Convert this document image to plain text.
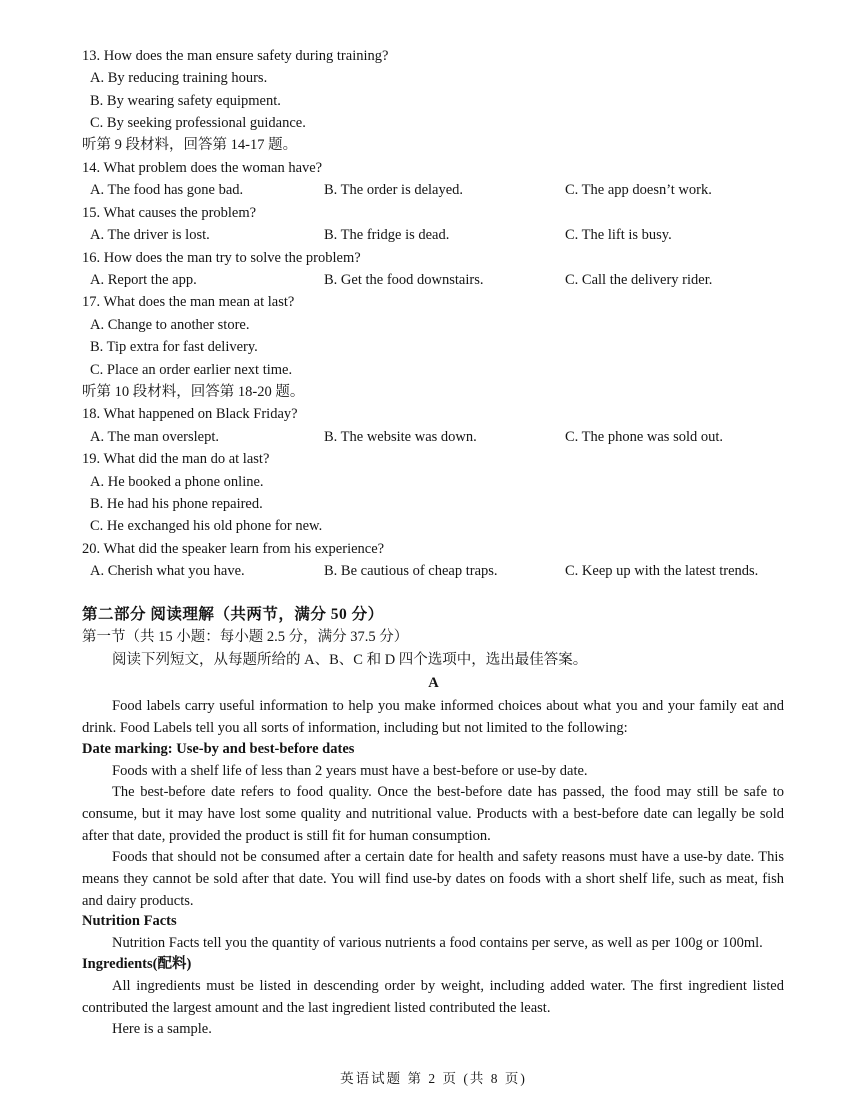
13. How does the man ensure safety during training?
A. By reducing training hours.
B. By wearing safety equipment.
C. By seeking professional guidance.
听第 9 段材料，回答第 14-17 题。
14. What problem does the woman have?
A. The food has gone bad.	B. The order is delayed.	C. The app doesn’t work.
15. What causes the problem?
A. The driver is lost.	B. The fridge is dead.	C. The lift is busy.
16. How does the man try to solve the problem?
A. Report the app.	B. Get the food downstairs.	C. Call the delivery rider.
17. What does the man mean at last?
A. Change to another store.
B. Tip extra for fast delivery.
C. Place an order earlier next time.
听第 10 段材料，回答第 18-20 题。
18. What happened on Black Friday?
A. The man overslept.	B. The website was down.	C. The phone was sold out.
19. What did the man do at last?
A. He booked a phone online.
B. He had his phone repaired.
C. He exchanged his old phone for new.
20. What did the speaker learn from his experience?
A. Cherish what you have.	B. Be cautious of cheap traps.	C. Keep up with the latest trends.
第二部分 阅读理解（共两节，满分 50 分）
第一节（共 15 小题：每小题 2.5 分，满分 37.5 分）
阅读下列短文，从每题所给的 A、B、C 和 D 四个选项中，选出最佳答案。
A
Food labels carry useful information to help you make informed choices about what you and your family eat and drink. Food Labels tell you all sorts of information, including but not limited to the following:
Date marking: Use-by and best-before dates
Foods with a shelf life of less than 2 years must have a best-before or use-by date.
The best-before date refers to food quality. Once the best-before date has passed, the food may still be safe to consume, but it may have lost some quality and nutritional value. Products with a best-before date can legally be sold after that date, provided the product is still fit for human consumption.
Foods that should not be consumed after a certain date for health and safety reasons must have a use-by date. This means they cannot be sold after that date. You will find use-by dates on foods with a short shelf life, such as meat, fish and dairy products.
Nutrition Facts
Nutrition Facts tell you the quantity of various nutrients a food contains per serve, as well as per 100g or 100ml.
Ingredients(配料)
All ingredients must be listed in descending order by weight, including added water. The first ingredient listed contributed the largest amount and the last ingredient listed contributed the least.
Here is a sample.
英语试题 第 2 页 (共 8 页)
